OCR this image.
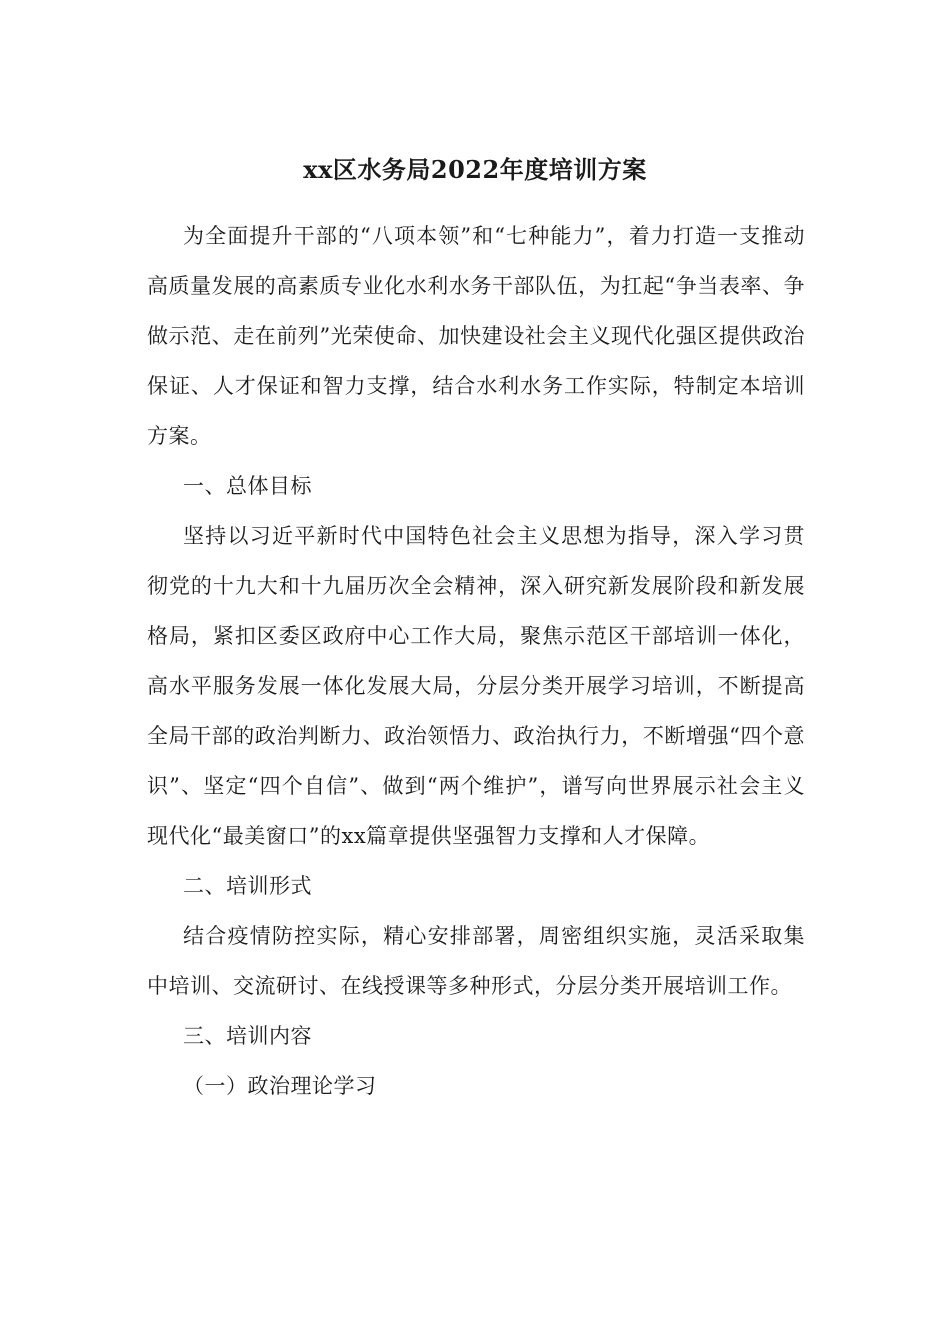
xx区水务局2022年度培训方案

为全面提升干部的“八项本领”和“七种能力”，着力打造一支推动高质量发展的高素质专业化水利水务干部队伍，为扛起“争当表率、争做示范、走在前列”光荣使命、加快建设社会主义现代化强区提供政治保证、人才保证和智力支撑，结合水利水务工作实际，特制定本培训方案。

一、总体目标

坚持以习近平新时代中国特色社会主义思想为指导，深入学习贯彻党的十九大和十九届历次全会精神，深入研究新发展阶段和新发展格局，紧扣区委区政府中心工作大局，聚焦示范区干部培训一体化，高水平服务发展一体化发展大局，分层分类开展学习培训，不断提高全局干部的政治判断力、政治领悟力、政治执行力，不断增强“四个意识”、坚定“四个自信”、做到“两个维护”，谱写向世界展示社会主义现代化“最美窗口”的xx篇章提供坚强智力支撑和人才保障。

二、培训形式

结合疫情防控实际，精心安排部署，周密组织实施，灵活采取集中培训、交流研讨、在线授课等多种形式，分层分类开展培训工作。

三、培训内容

（一）政治理论学习
